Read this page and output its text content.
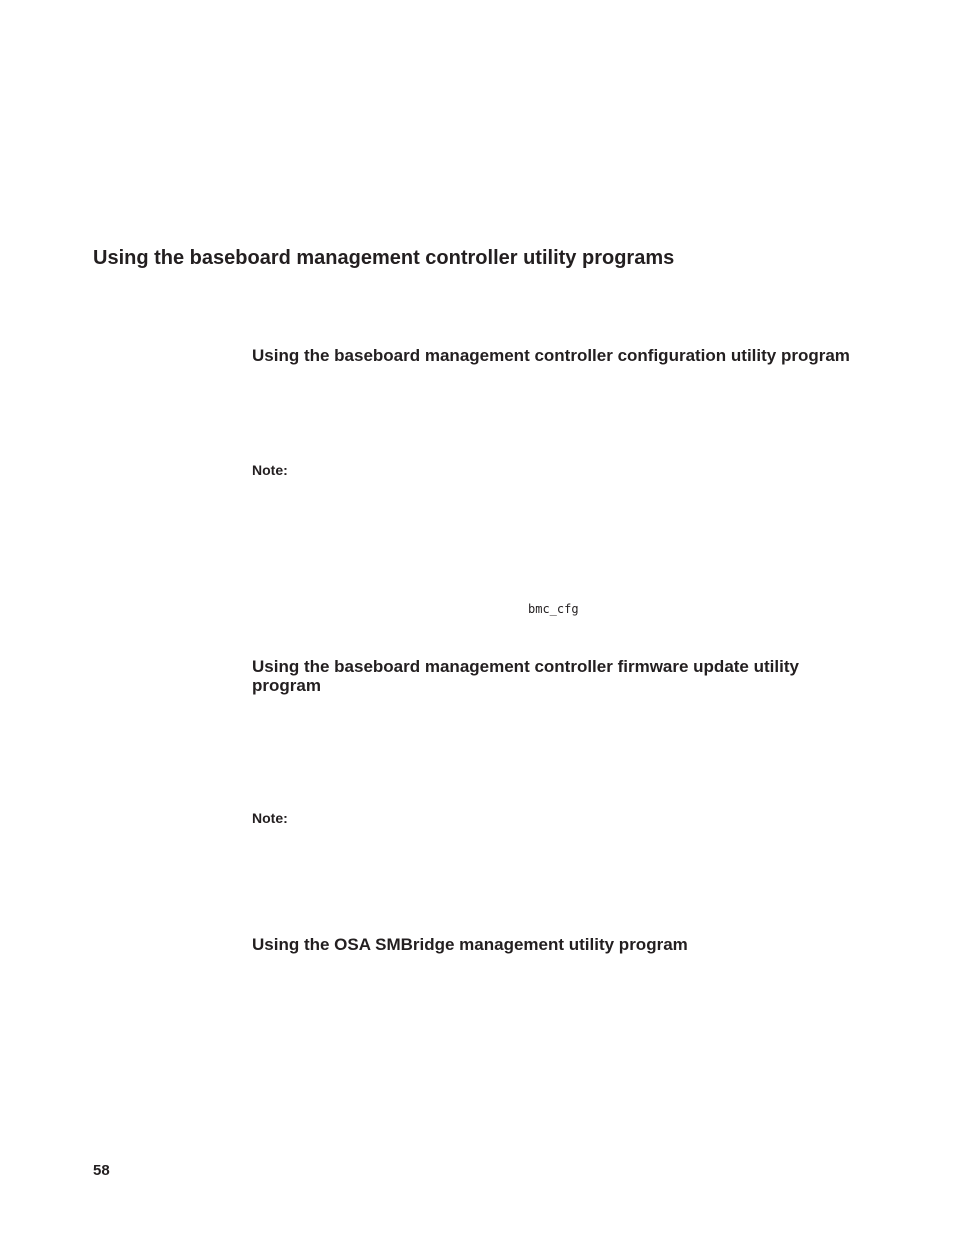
Using the baseboard management controller utility programs
Using the baseboard management controller configuration utility program

Note:

bmc_cfg

Using the baseboard management controller firmware update utility program

Note:

Using the OSA SMBridge management utility program

58
